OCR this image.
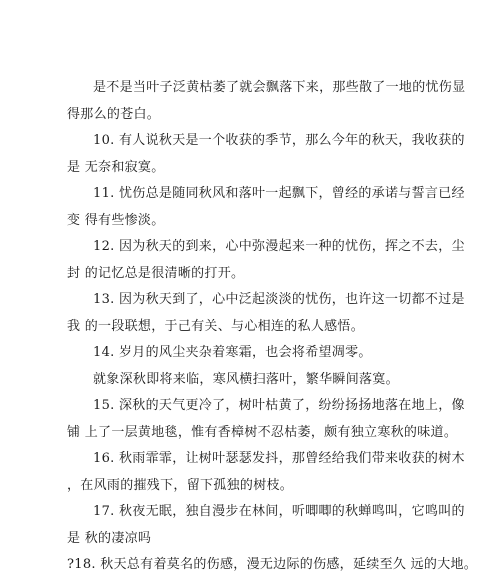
是不是当叶子泛黄枯萎了就会飘落下来，那些散了一地的忧伤显
得那么的苍白。
10. 有人说秋天是一个收获的季节，那么今年的秋天，我收获的
是 无奈和寂寞。
11. 忧伤总是随同秋风和落叶一起飘下，曾经的承诺与誓言已经
变 得有些惨淡。
12. 因为秋天的到来，心中弥漫起来一种的忧伤，挥之不去，尘
封 的记忆总是很清晰的打开。
13. 因为秋天到了，心中泛起淡淡的忧伤，也许这一切都不过是
我 的一段联想，于己有关、与心相连的私人感悟。
14. 岁月的风尘夹杂着寒霜，也会将希望凋零。
就象深秋即将来临，寒风横扫落叶，繁华瞬间落寞。
15. 深秋的天气更冷了，树叶枯黄了，纷纷扬扬地落在地上，像
铺 上了一层黄地毯，惟有香樟树不忍枯萎，颇有独立寒秋的味道。
16. 秋雨霏霏，让树叶瑟瑟发抖，那曾经给我们带来收获的树木
，在风雨的摧残下，留下孤独的树枝。
17. 秋夜无眠，独自漫步在林间，听唧唧的秋蝉鸣叫，它鸣叫的
是 秋的凄凉吗
?18. 秋天总有着莫名的伤感，漫无边际的伤感，延续至久 远的大地。
